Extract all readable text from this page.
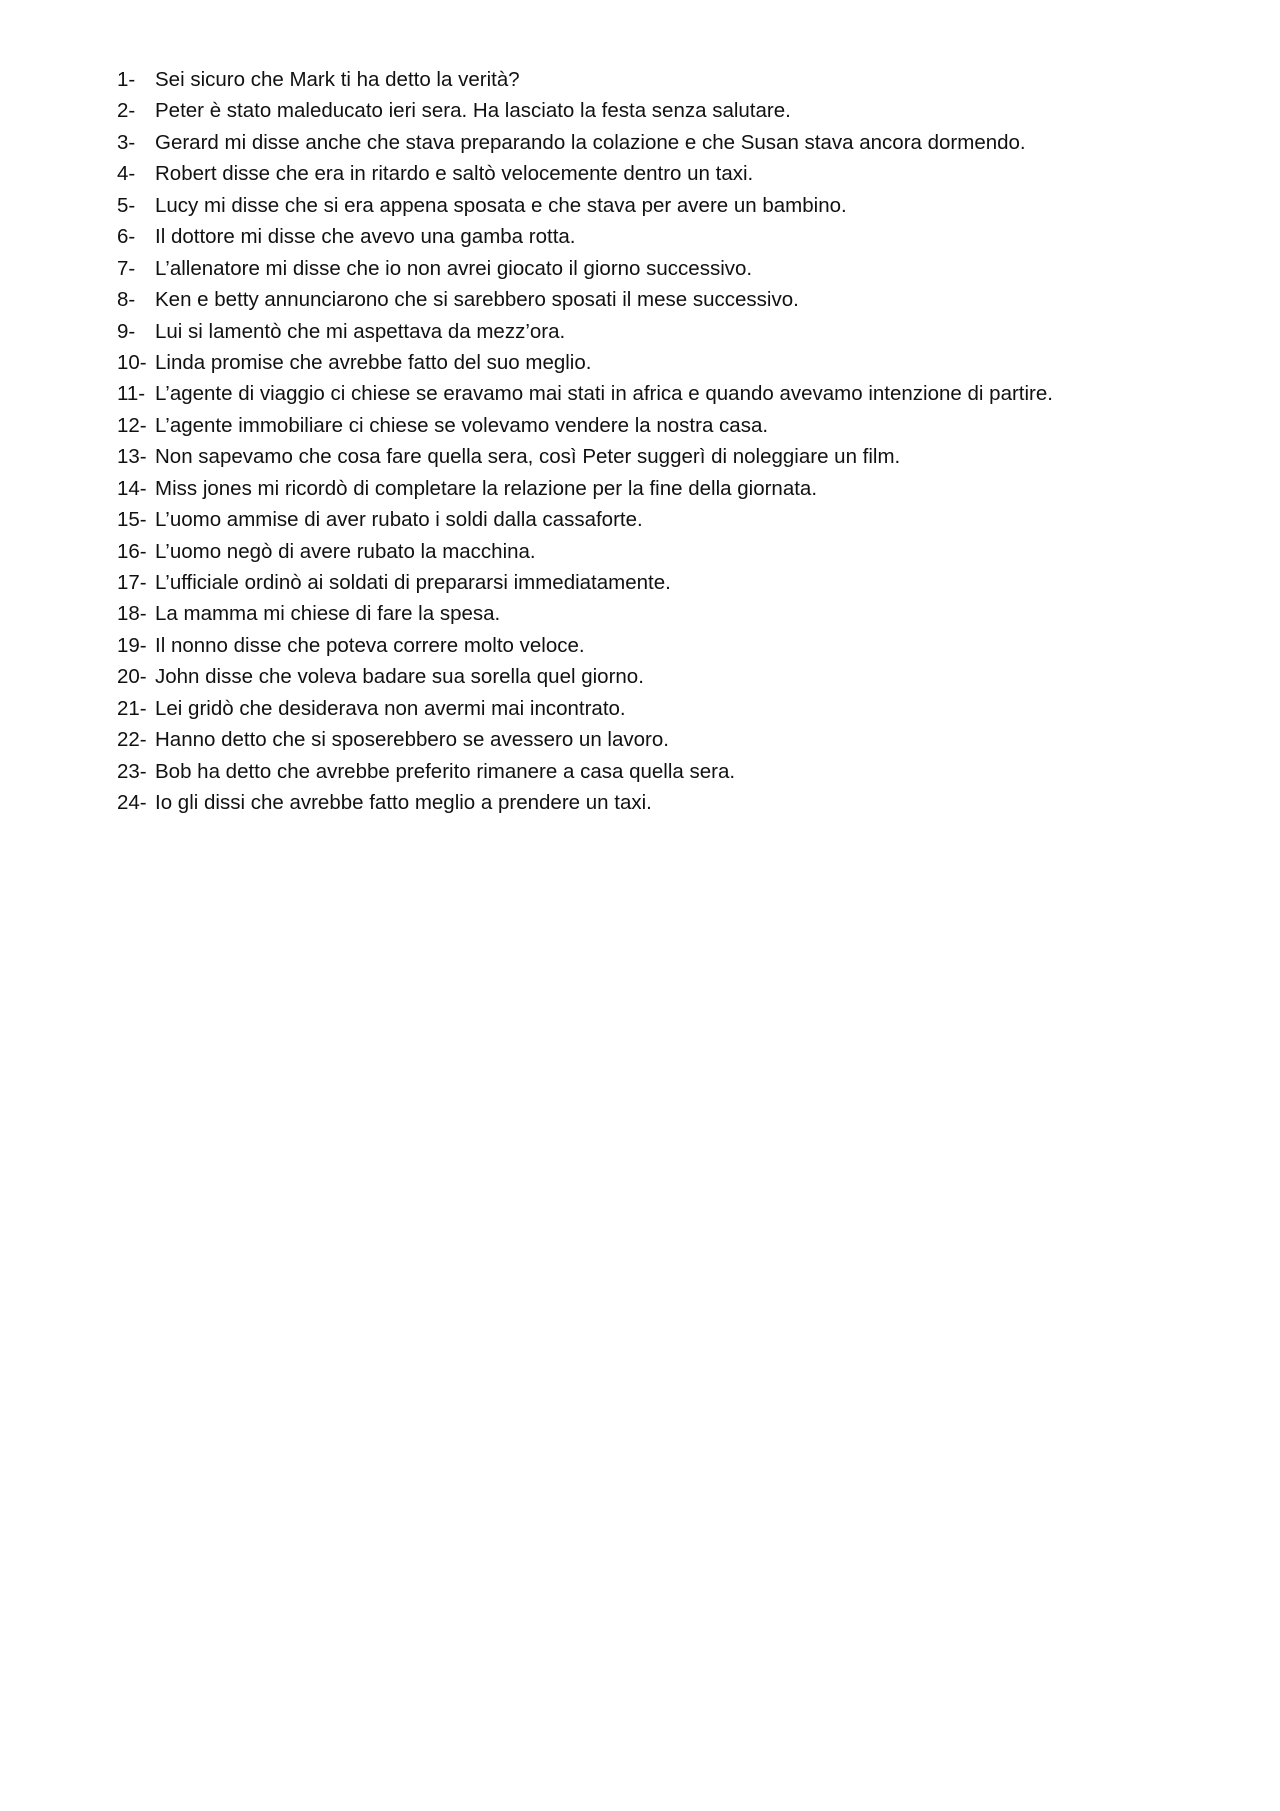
1- Sei sicuro che Mark ti ha detto la verità?
2- Peter è stato maleducato ieri sera. Ha lasciato la festa senza salutare.
3- Gerard mi disse anche che stava preparando la colazione e che Susan stava ancora dormendo.
4- Robert disse che era in ritardo e saltò velocemente dentro un taxi.
5- Lucy mi disse che si era appena sposata e che stava per avere un bambino.
6- Il dottore mi disse che avevo una gamba rotta.
7- L’allenatore mi disse che io non avrei giocato il giorno successivo.
8- Ken e betty annunciarono che si sarebbero sposati il mese successivo.
9- Lui si lamentò che mi aspettava da mezz’ora.
10- Linda promise che avrebbe fatto del suo meglio.
11- L’agente di viaggio ci chiese se eravamo mai stati in africa e quando avevamo intenzione di partire.
12- L’agente immobiliare ci chiese se volevamo vendere la nostra casa.
13- Non sapevamo che cosa fare quella sera, così Peter suggerì di noleggiare un film.
14- Miss jones mi ricordò di completare la relazione per la fine della giornata.
15- L’uomo ammise di aver rubato i soldi dalla cassaforte.
16- L’uomo negò di avere rubato la macchina.
17- L’ufficiale ordinò ai soldati di prepararsi immediatamente.
18- La mamma mi chiese di fare la spesa.
19- Il nonno disse che poteva correre molto veloce.
20- John disse che voleva badare sua sorella quel giorno.
21- Lei gridò che desiderava non avermi mai incontrato.
22- Hanno detto che si sposerebbero se avessero un lavoro.
23- Bob ha detto che avrebbe preferito rimanere a casa quella sera.
24- Io gli dissi che avrebbe fatto meglio a prendere un taxi.
